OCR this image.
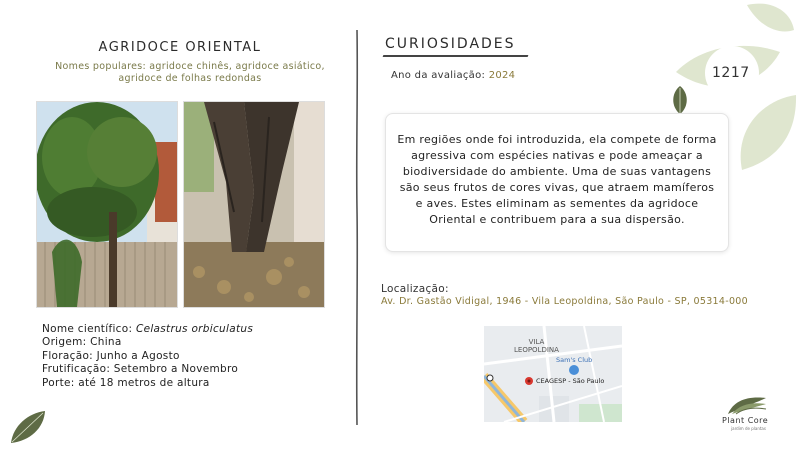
AGRIDOCE ORIENTAL
Nomes populares: agridoce chinês, agridoce asiático,
agridoce de folhas redondas
Nome científico: Celastrus orbiculatus
Origem: China
Floração: Junho a Agosto
Frutificação: Setembro a Novembro
Porte: até 18 metros de altura
CURIOSIDADES
Ano da avaliação: 2024
Em regiões onde foi introduzida, ela compete de forma agressiva com espécies nativas e pode ameaçar a biodiversidade do ambiente. Uma de suas vantagens são seus frutos de cores vivas, que atraem mamíferos e aves. Estes eliminam as sementes da agridoce Oriental e contribuem para a sua dispersão.
1217
Localização:
Av. Dr. Gastão Vidigal, 1946 - Vila Leopoldina, São Paulo - SP, 05314-000
VILA
LEOPOLDINA
Sam's Club
CEAGESP - São Paulo
Plant Core
jardim de plantas
